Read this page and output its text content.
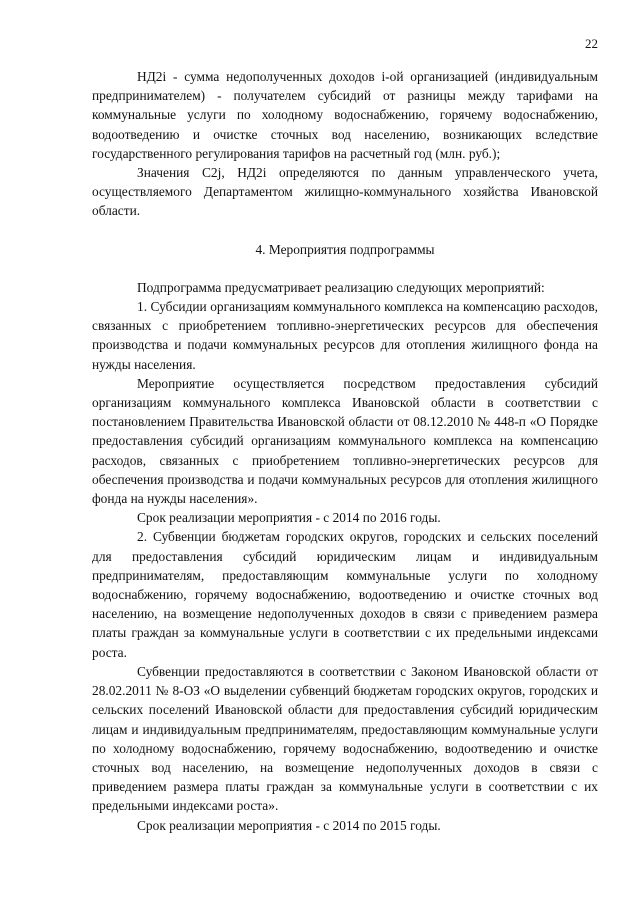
НД2i - сумма недополученных доходов i-ой организацией (индивидуальным предпринимателем) - получателем субсидий от разницы между тарифами на коммунальные услуги по холодному водоснабжению, горячему водоснабжению, водоотведению и очистке сточных вод населению, возникающих вследствие государственного регулирования тарифов на расчетный год (млн. руб.);

Значения С2j, НД2i определяются по данным управленческого учета, осуществляемого Департаментом жилищно-коммунального хозяйства Ивановской области.

4. Мероприятия подпрограммы

Подпрограмма предусматривает реализацию следующих мероприятий:

1. Субсидии организациям коммунального комплекса на компенсацию расходов, связанных с приобретением топливно-энергетических ресурсов для обеспечения производства и подачи коммунальных ресурсов для отопления жилищного фонда на нужды населения.

Мероприятие осуществляется посредством предоставления субсидий организациям коммунального комплекса Ивановской области в соответствии с постановлением Правительства Ивановской области от 08.12.2010 № 448-п «О Порядке предоставления субсидий организациям коммунального комплекса на компенсацию расходов, связанных с приобретением топливно-энергетических ресурсов для обеспечения производства и подачи коммунальных ресурсов для отопления жилищного фонда на нужды населения».

Срок реализации мероприятия - с 2014 по 2016 годы.

2. Субвенции бюджетам городских округов, городских и сельских поселений для предоставления субсидий юридическим лицам и индивидуальным предпринимателям, предоставляющим коммунальные услуги по холодному водоснабжению, горячему водоснабжению, водоотведению и очистке сточных вод населению, на возмещение недополученных доходов в связи с приведением размера платы граждан за коммунальные услуги в соответствии с их предельными индексами роста.

Субвенции предоставляются в соответствии с Законом Ивановской области от 28.02.2011 № 8-ОЗ «О выделении субвенций бюджетам городских округов, городских и сельских поселений Ивановской области для предоставления субсидий юридическим лицам и индивидуальным предпринимателям, предоставляющим коммунальные услуги по холодному водоснабжению, горячему водоснабжению, водоотведению и очистке сточных вод населению, на возмещение недополученных доходов в связи с приведением размера платы граждан за коммунальные услуги в соответствии с их предельными индексами роста».

Срок реализации мероприятия - с 2014 по 2015 годы.

22
